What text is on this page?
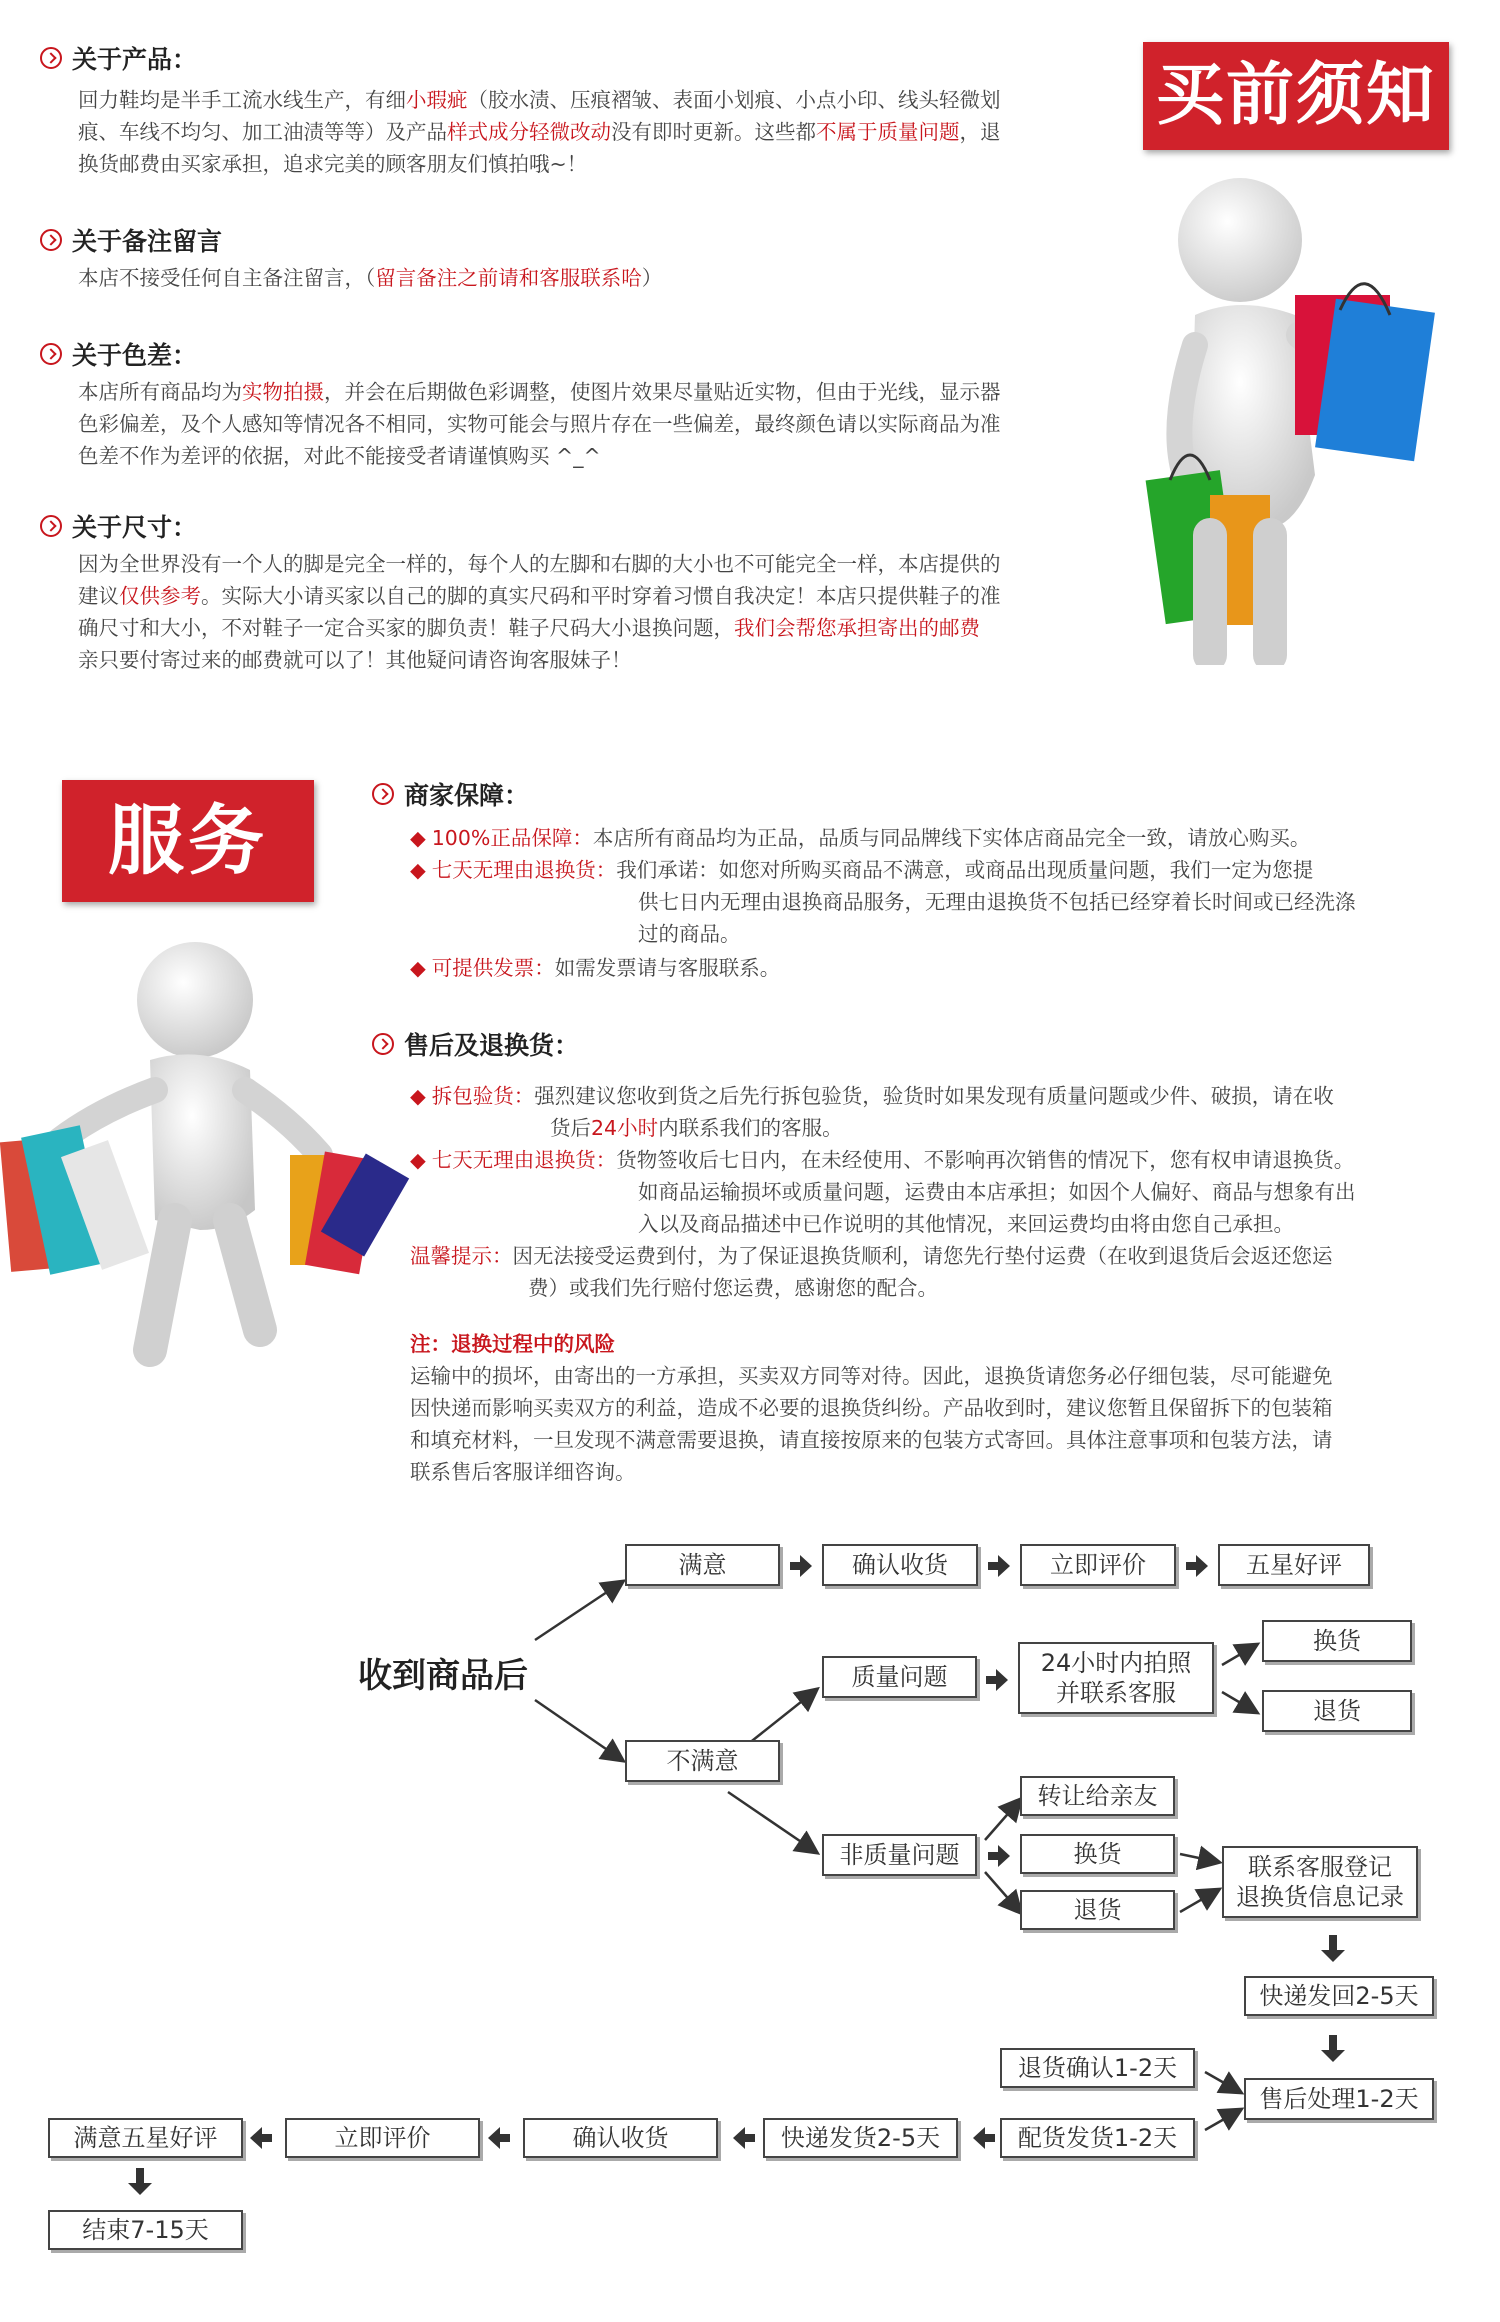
买前须知
关于产品：
回力鞋均是半手工流水线生产，有细小瑕疵（胶水渍、压痕褶皱、表面小划痕、小点小印、线头轻微划
痕、车线不均匀、加工油渍等等）及产品样式成分轻微改动没有即时更新。这些都不属于质量问题，退
换货邮费由买家承担，追求完美的顾客朋友们慎拍哦~！
关于备注留言
本店不接受任何自主备注留言，（留言备注之前请和客服联系哈）
关于色差：
本店所有商品均为实物拍摄，并会在后期做色彩调整，使图片效果尽量贴近实物，但由于光线，显示器
色彩偏差，及个人感知等情况各不相同，实物可能会与照片存在一些偏差，最终颜色请以实际商品为准
色差不作为差评的依据，对此不能接受者请谨慎购买 ^_^
关于尺寸：
因为全世界没有一个人的脚是完全一样的，每个人的左脚和右脚的大小也不可能完全一样，本店提供的
建议仅供参考。实际大小请买家以自己的脚的真实尺码和平时穿着习惯自我决定！本店只提供鞋子的准
确尺寸和大小，不对鞋子一定合买家的脚负责！鞋子尺码大小退换问题，我们会帮您承担寄出的邮费
亲只要付寄过来的邮费就可以了！其他疑问请咨询客服妹子！
服务
商家保障：
◆ 100%正品保障：本店所有商品均为正品，品质与同品牌线下实体店商品完全一致，请放心购买。
◆ 七天无理由退换货：我们承诺：如您对所购买商品不满意，或商品出现质量问题，我们一定为您提
供七日内无理由退换商品服务，无理由退换货不包括已经穿着长时间或已经洗涤
过的商品。
◆ 可提供发票：如需发票请与客服联系。
售后及退换货：
◆ 拆包验货：强烈建议您收到货之后先行拆包验货，验货时如果发现有质量问题或少件、破损，请在收
货后24小时内联系我们的客服。
◆ 七天无理由退换货：货物签收后七日内，在未经使用、不影响再次销售的情况下，您有权申请退换货。
如商品运输损坏或质量问题，运费由本店承担；如因个人偏好、商品与想象有出
入以及商品描述中已作说明的其他情况，来回运费均由将由您自己承担。
温馨提示：因无法接受运费到付，为了保证退换货顺利，请您先行垫付运费（在收到退货后会返还您运
费）或我们先行赔付您运费，感谢您的配合。
注：退换过程中的风险
运输中的损坏，由寄出的一方承担，买卖双方同等对待。因此，退换货请您务必仔细包装，尽可能避免
因快递而影响买卖双方的利益，造成不必要的退换货纠纷。产品收到时，建议您暂且保留拆下的包装箱
和填充材料，一旦发现不满意需要退换，请直接按原来的包装方式寄回。具体注意事项和包装方法，请
联系售后客服详细咨询。
收到商品后
满意	确认收货	立即评价	五星好评
不满意
质量问题	24小时内拍照
并联系客服
换货
退货
非质量问题
转让给亲友
换货
退货
联系客服登记
退换货信息记录
快递发回2-5天
售后处理1-2天
退货确认1-2天
配货发货1-2天
快递发货2-5天
确认收货
立即评价
满意五星好评
结束7-15天
